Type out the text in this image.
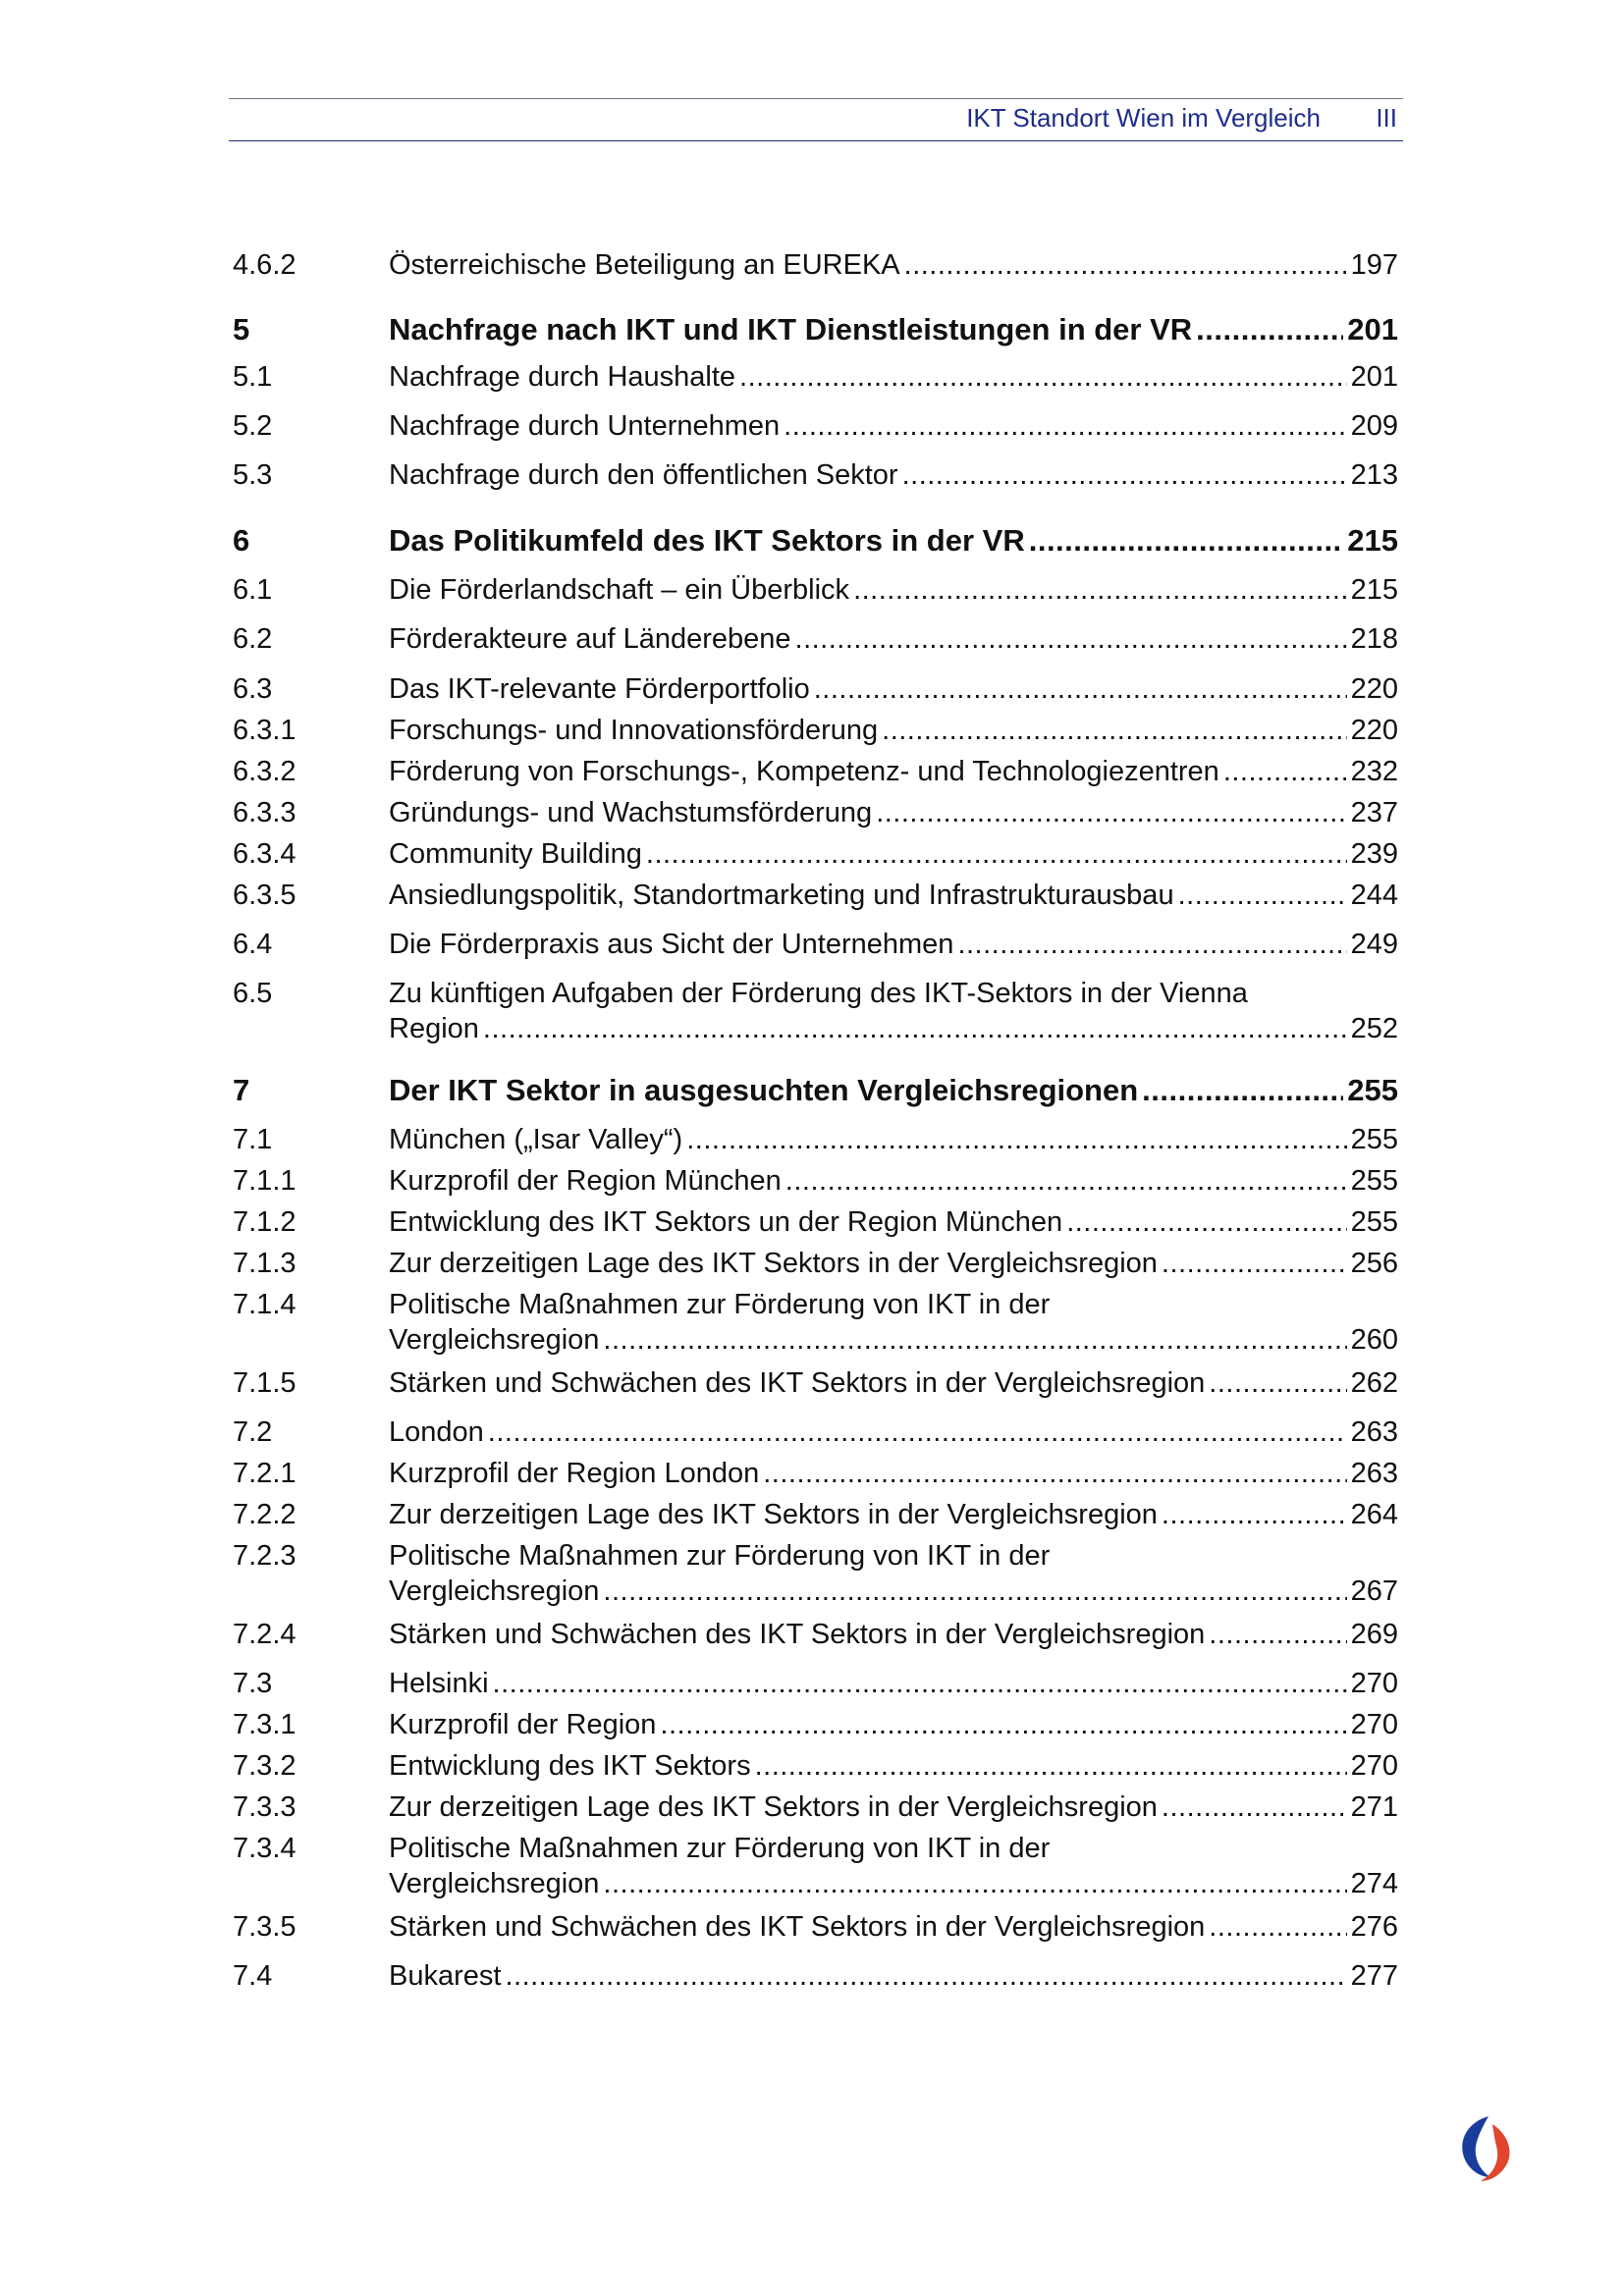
IKT Standort Wien im Vergleich III
4.6.2	Österreichische Beteiligung an EUREKA .....	197
5	Nachfrage nach IKT und IKT Dienstleistungen in der VR .....	201
5.1	Nachfrage durch Haushalte .....	201
5.2	Nachfrage durch Unternehmen .....	209
5.3	Nachfrage durch den öffentlichen Sektor .....	213
6	Das Politikumfeld des IKT Sektors in der VR .....	215
6.1	Die Förderlandschaft – ein Überblick .....	215
6.2	Förderakteure auf Länderebene .....	218
6.3	Das IKT-relevante Förderportfolio .....	220
6.3.1	Forschungs- und Innovationsförderung .....	220
6.3.2	Förderung von Forschungs-, Kompetenz- und Technologiezentren .....	232
6.3.3	Gründungs- und Wachstumsförderung .....	237
6.3.4	Community Building .....	239
6.3.5	Ansiedlungspolitik, Standortmarketing und Infrastrukturausbau .....	244
6.4	Die Förderpraxis aus Sicht der Unternehmen .....	249
6.5	Zu künftigen Aufgaben der Förderung des IKT-Sektors in der Vienna
Region .....	252
7	Der IKT Sektor in ausgesuchten Vergleichsregionen .....	255
7.1	München („Isar Valley“) .....	255
7.1.1	Kurzprofil der Region München .....	255
7.1.2	Entwicklung des IKT Sektors un der Region München .....	255
7.1.3	Zur derzeitigen Lage des IKT Sektors in der Vergleichsregion .....	256
7.1.4	Politische Maßnahmen zur Förderung von IKT in der
Vergleichsregion .....	260
7.1.5	Stärken und Schwächen des IKT Sektors in der Vergleichsregion .....	262
7.2	London .....	263
7.2.1	Kurzprofil der Region London .....	263
7.2.2	Zur derzeitigen Lage des IKT Sektors in der Vergleichsregion .....	264
7.2.3	Politische Maßnahmen zur Förderung von IKT in der
Vergleichsregion .....	267
7.2.4	Stärken und Schwächen des IKT Sektors in der Vergleichsregion .....	269
7.3	Helsinki .....	270
7.3.1	Kurzprofil der Region .....	270
7.3.2	Entwicklung des IKT Sektors .....	270
7.3.3	Zur derzeitigen Lage des IKT Sektors in der Vergleichsregion .....	271
7.3.4	Politische Maßnahmen zur Förderung von IKT in der
Vergleichsregion .....	274
7.3.5	Stärken und Schwächen des IKT Sektors in der Vergleichsregion .....	276
7.4	Bukarest .....	277
